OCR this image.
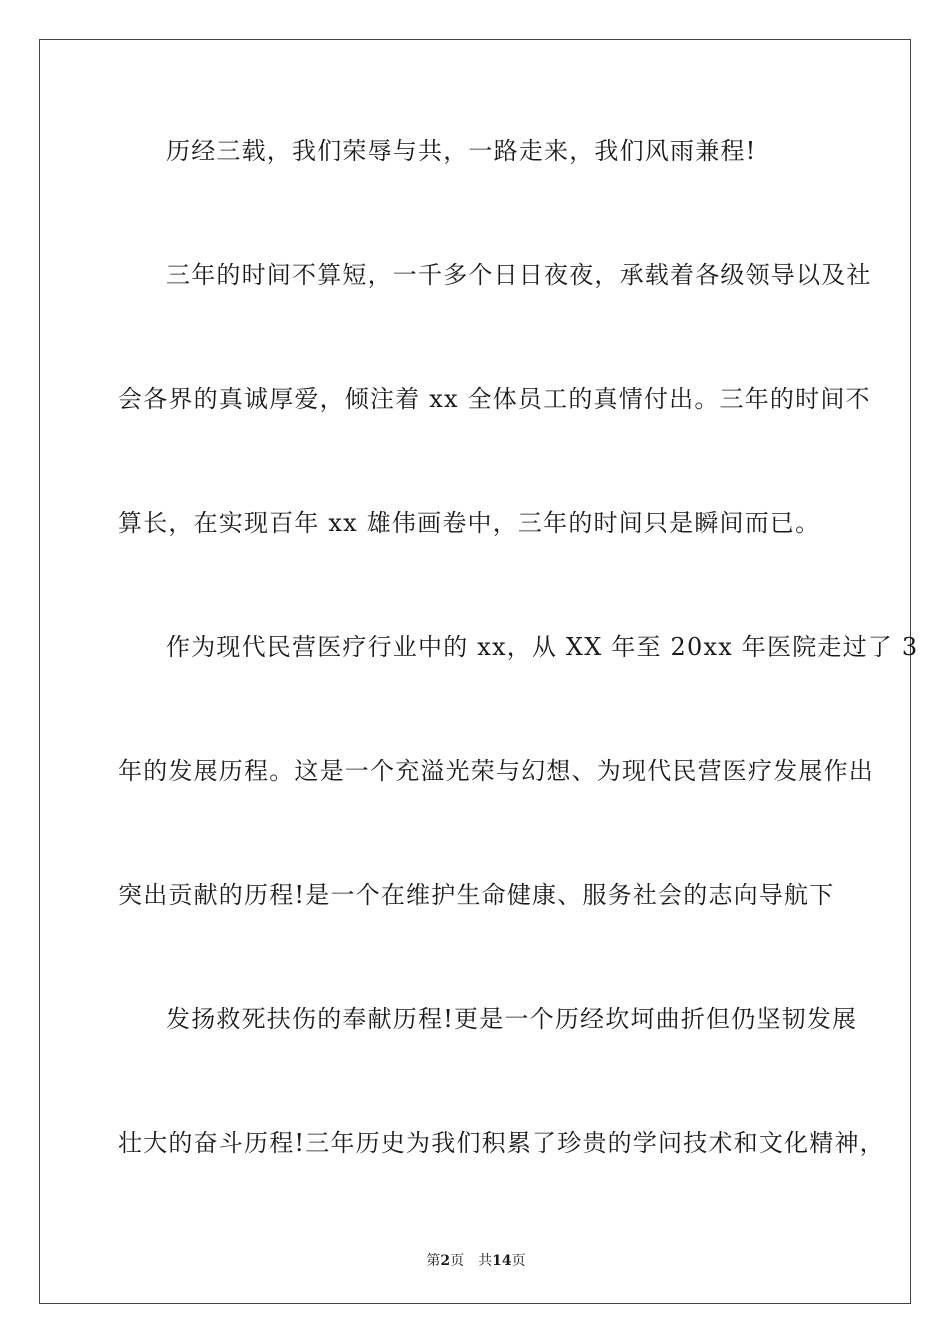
历经三载，我们荣辱与共，一路走来，我们风雨兼程!
三年的时间不算短，一千多个日日夜夜，承载着各级领导以及社
会各界的真诚厚爱，倾注着 xx 全体员工的真情付出。三年的时间不
算长，在实现百年 xx 雄伟画卷中，三年的时间只是瞬间而已。
作为现代民营医疗行业中的 xx，从 XX 年至 20xx 年医院走过了 3
年的发展历程。这是一个充溢光荣与幻想、为现代民营医疗发展作出
突出贡献的历程!是一个在维护生命健康、服务社会的志向导航下
发扬救死扶伤的奉献历程!更是一个历经坎坷曲折但仍坚韧发展
壮大的奋斗历程!三年历史为我们积累了珍贵的学问技术和文化精神，
第2页 共14页
